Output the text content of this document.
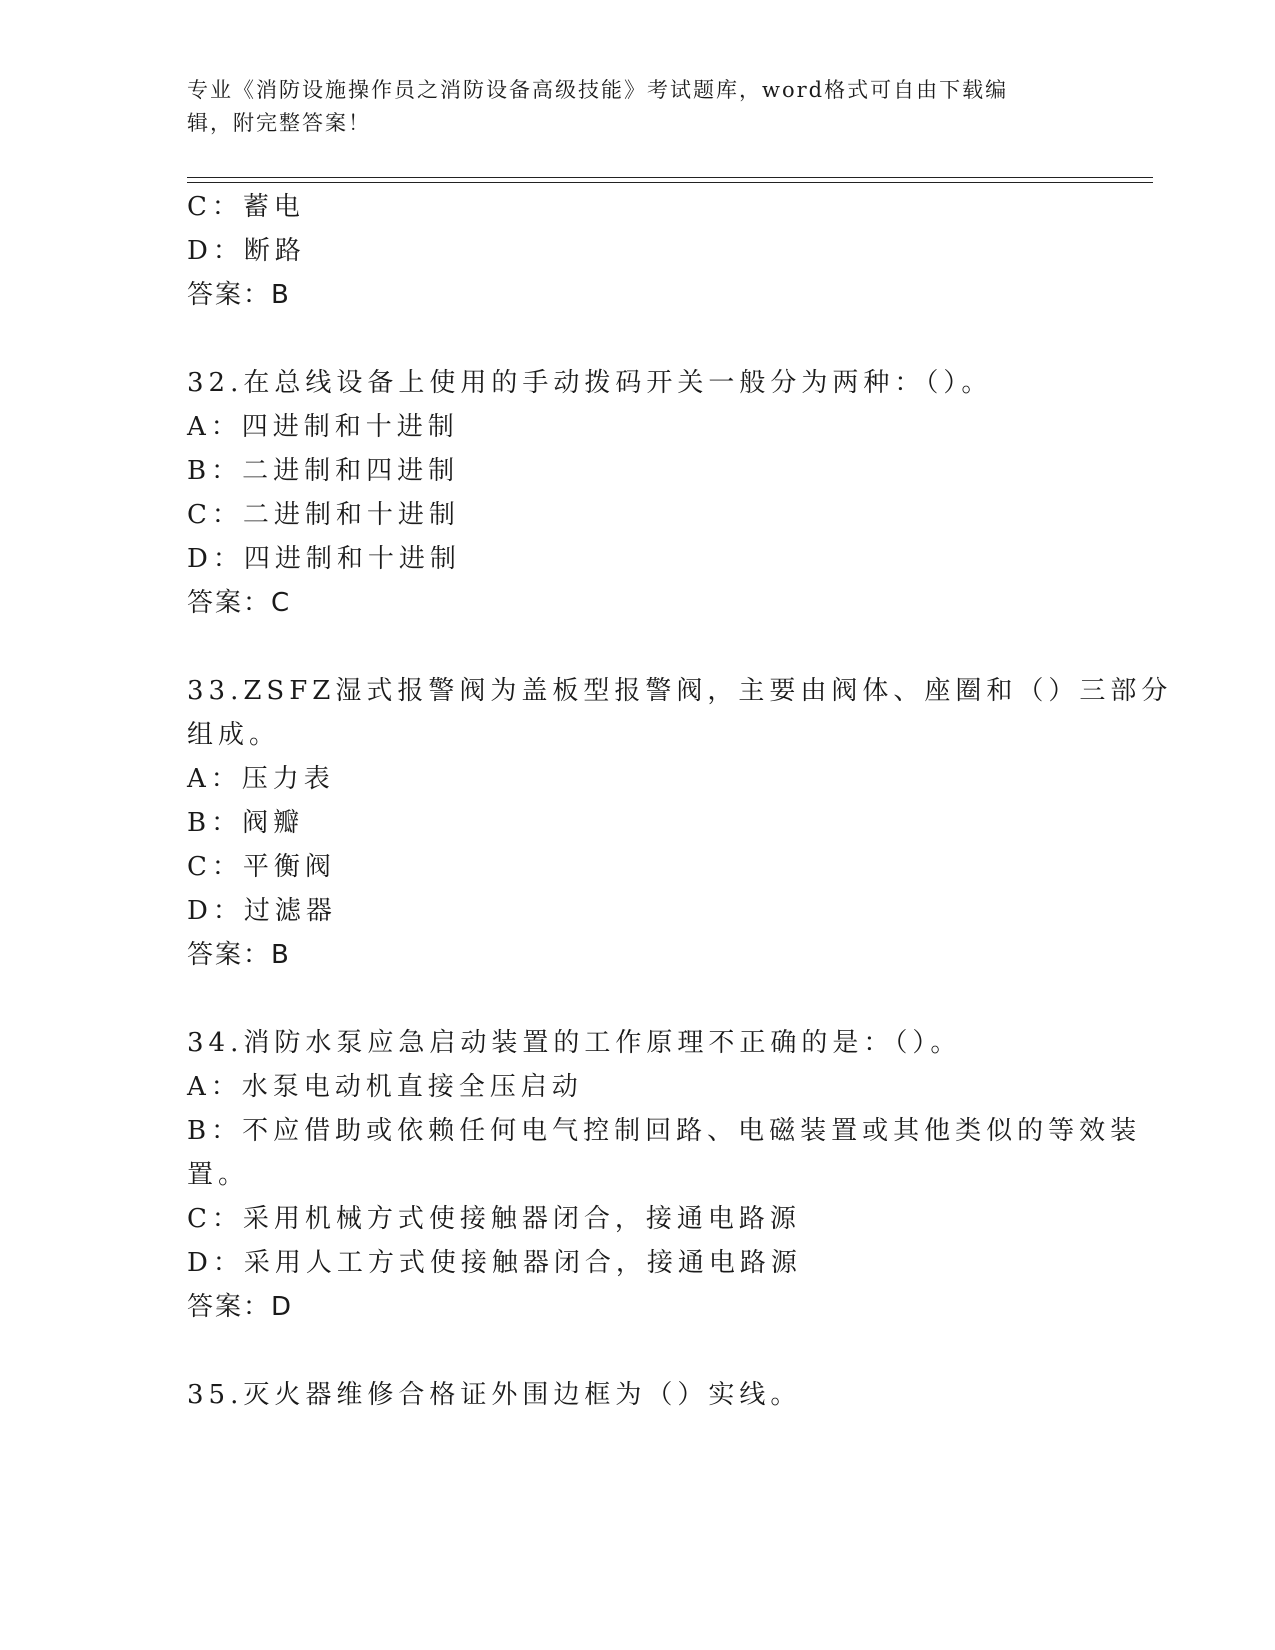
专业《消防设施操作员之消防设备高级技能》考试题库，word格式可自由下载编
辑，附完整答案！
C：蓄电
D：断路
答案：B
32.在总线设备上使用的手动拨码开关一般分为两种：（）。
A：四进制和十进制
B：二进制和四进制
C：二进制和十进制
D：四进制和十进制
答案：C
33.ZSFZ湿式报警阀为盖板型报警阀，主要由阀体、座圈和（）三部分
组成。
A：压力表
B：阀瓣
C：平衡阀
D：过滤器
答案：B
34.消防水泵应急启动装置的工作原理不正确的是：（）。
A：水泵电动机直接全压启动
B：不应借助或依赖任何电气控制回路、电磁装置或其他类似的等效装
置。
C：采用机械方式使接触器闭合，接通电路源
D：采用人工方式使接触器闭合，接通电路源
答案：D
35.灭火器维修合格证外围边框为（）实线。
